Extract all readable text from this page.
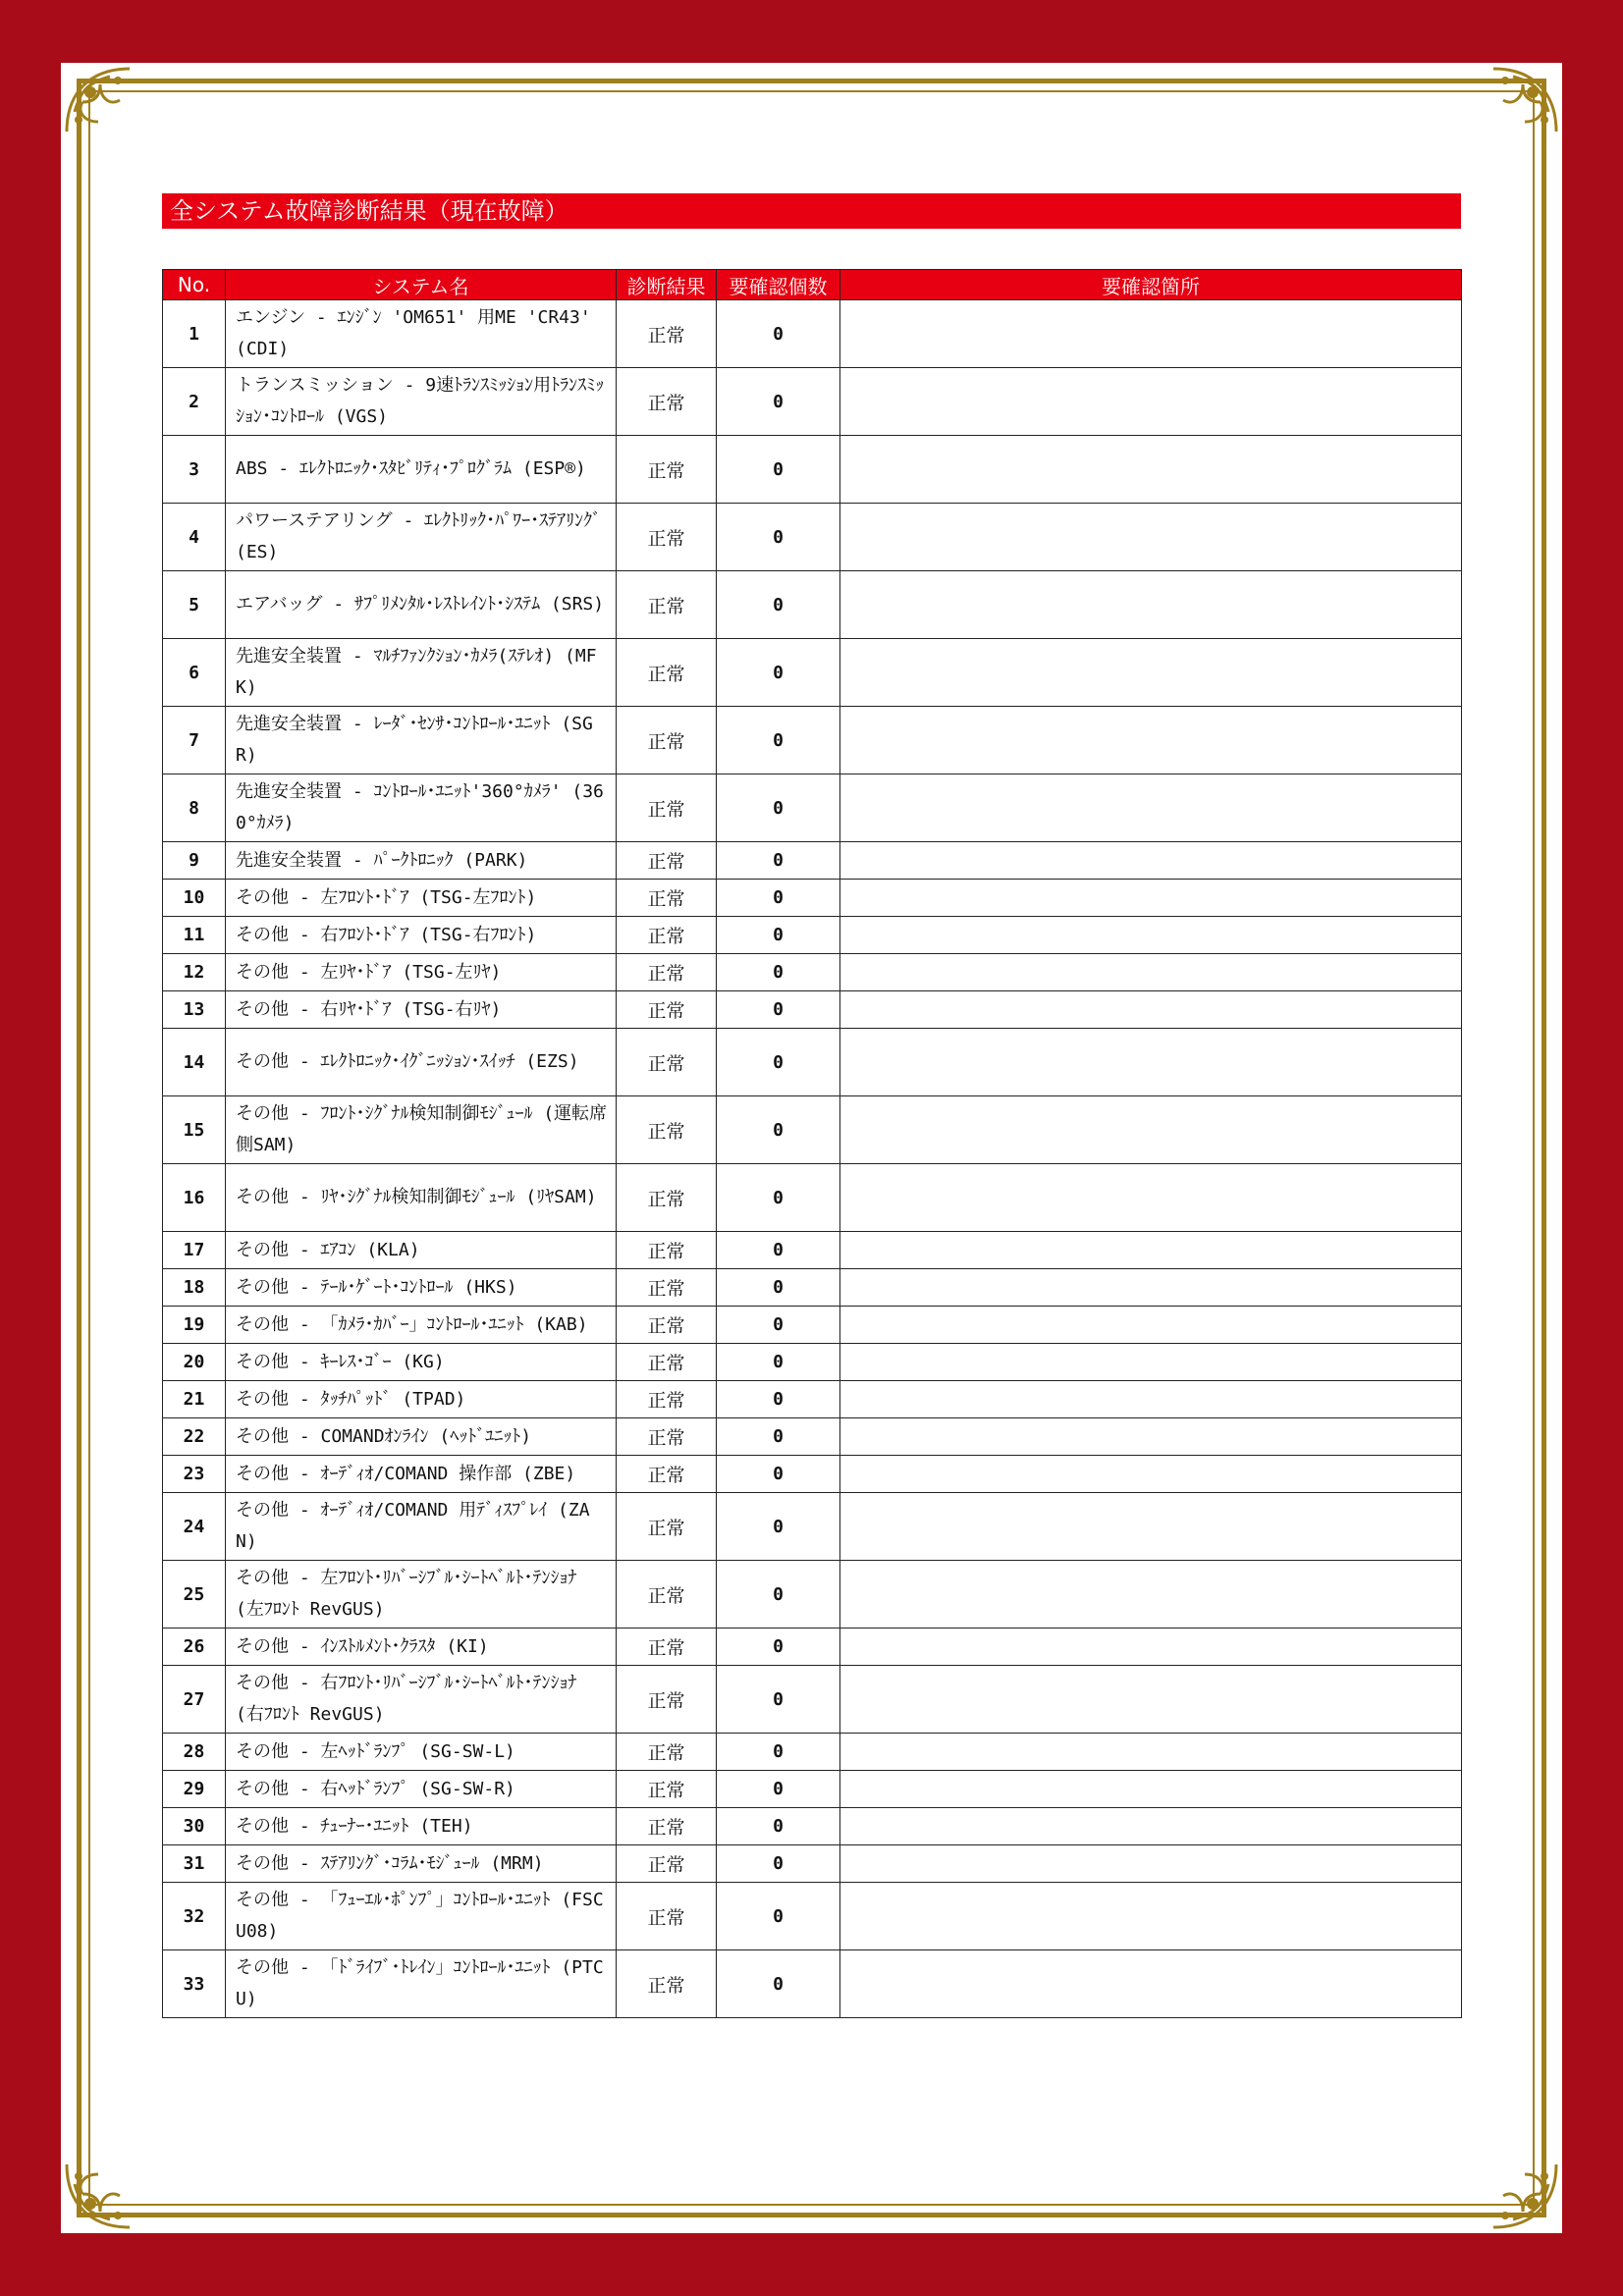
全システム故障診断結果（現在故障）
No.	システム名	診断結果	要確認個数	要確認箇所
1	エンジン - ｴﾝｼﾞﾝ 'OM651' 用ME 'CR43' (CDI)	正常	0	
2	トランスミッション - 9速ﾄﾗﾝｽﾐｯｼｮﾝ用ﾄﾗﾝｽﾐｯｼｮﾝ･ｺﾝﾄﾛｰﾙ (VGS)	正常	0	
3	ABS - ｴﾚｸﾄﾛﾆｯｸ･ｽﾀﾋﾞﾘﾃｨ･ﾌﾟﾛｸﾞﾗﾑ (ESP®)	正常	0	
4	パワーステアリング - ｴﾚｸﾄﾘｯｸ･ﾊﾟﾜｰ･ｽﾃｱﾘﾝｸﾞ (ES)	正常	0	
5	エアバッグ - ｻﾌﾟﾘﾒﾝﾀﾙ･ﾚｽﾄﾚｲﾝﾄ･ｼｽﾃﾑ (SRS)	正常	0	
6	先進安全装置 - ﾏﾙﾁﾌｧﾝｸｼｮﾝ･ｶﾒﾗ(ｽﾃﾚｵ) (MFK)	正常	0	
7	先進安全装置 - ﾚｰﾀﾞ･ｾﾝｻ･ｺﾝﾄﾛｰﾙ･ﾕﾆｯﾄ (SGR)	正常	0	
8	先進安全装置 - ｺﾝﾄﾛｰﾙ･ﾕﾆｯﾄ'360°ｶﾒﾗ' (360°ｶﾒﾗ)	正常	0	
9	先進安全装置 - ﾊﾟｰｸﾄﾛﾆｯｸ (PARK)	正常	0	
10	その他 - 左ﾌﾛﾝﾄ･ﾄﾞｱ (TSG-左ﾌﾛﾝﾄ)	正常	0	
11	その他 - 右ﾌﾛﾝﾄ･ﾄﾞｱ (TSG-右ﾌﾛﾝﾄ)	正常	0	
12	その他 - 左ﾘﾔ･ﾄﾞｱ (TSG-左ﾘﾔ)	正常	0	
13	その他 - 右ﾘﾔ･ﾄﾞｱ (TSG-右ﾘﾔ)	正常	0	
14	その他 - ｴﾚｸﾄﾛﾆｯｸ･ｲｸﾞﾆｯｼｮﾝ･ｽｲｯﾁ (EZS)	正常	0	
15	その他 - ﾌﾛﾝﾄ･ｼｸﾞﾅﾙ検知制御ﾓｼﾞｭｰﾙ (運転席側SAM)	正常	0	
16	その他 - ﾘﾔ･ｼｸﾞﾅﾙ検知制御ﾓｼﾞｭｰﾙ (ﾘﾔSAM)	正常	0	
17	その他 - ｴｱｺﾝ (KLA)	正常	0	
18	その他 - ﾃｰﾙ･ｹﾞｰﾄ･ｺﾝﾄﾛｰﾙ (HKS)	正常	0	
19	その他 - 「ｶﾒﾗ･ｶﾊﾞｰ」ｺﾝﾄﾛｰﾙ･ﾕﾆｯﾄ (KAB)	正常	0	
20	その他 - ｷｰﾚｽ･ｺﾞｰ (KG)	正常	0	
21	その他 - ﾀｯﾁﾊﾟｯﾄﾞ (TPAD)	正常	0	
22	その他 - COMANDｵﾝﾗｲﾝ (ﾍｯﾄﾞﾕﾆｯﾄ)	正常	0	
23	その他 - ｵｰﾃﾞｨｵ/COMAND 操作部 (ZBE)	正常	0	
24	その他 - ｵｰﾃﾞｨｵ/COMAND 用ﾃﾞｨｽﾌﾟﾚｲ (ZAN)	正常	0	
25	その他 - 左ﾌﾛﾝﾄ･ﾘﾊﾞｰｼﾌﾞﾙ･ｼｰﾄﾍﾞﾙﾄ･ﾃﾝｼｮﾅ (左ﾌﾛﾝﾄ RevGUS)	正常	0	
26	その他 - ｲﾝｽﾄﾙﾒﾝﾄ･ｸﾗｽﾀ (KI)	正常	0	
27	その他 - 右ﾌﾛﾝﾄ･ﾘﾊﾞｰｼﾌﾞﾙ･ｼｰﾄﾍﾞﾙﾄ･ﾃﾝｼｮﾅ (右ﾌﾛﾝﾄ RevGUS)	正常	0	
28	その他 - 左ﾍｯﾄﾞﾗﾝﾌﾟ (SG-SW-L)	正常	0	
29	その他 - 右ﾍｯﾄﾞﾗﾝﾌﾟ (SG-SW-R)	正常	0	
30	その他 - ﾁｭｰﾅｰ･ﾕﾆｯﾄ (TEH)	正常	0	
31	その他 - ｽﾃｱﾘﾝｸﾞ･ｺﾗﾑ･ﾓｼﾞｭｰﾙ (MRM)	正常	0	
32	その他 - 「ﾌｭｰｴﾙ･ﾎﾟﾝﾌﾟ」ｺﾝﾄﾛｰﾙ･ﾕﾆｯﾄ (FSCU08)	正常	0	
33	その他 - 「ﾄﾞﾗｲﾌﾞ･ﾄﾚｲﾝ」ｺﾝﾄﾛｰﾙ･ﾕﾆｯﾄ (PTCU)	正常	0	
